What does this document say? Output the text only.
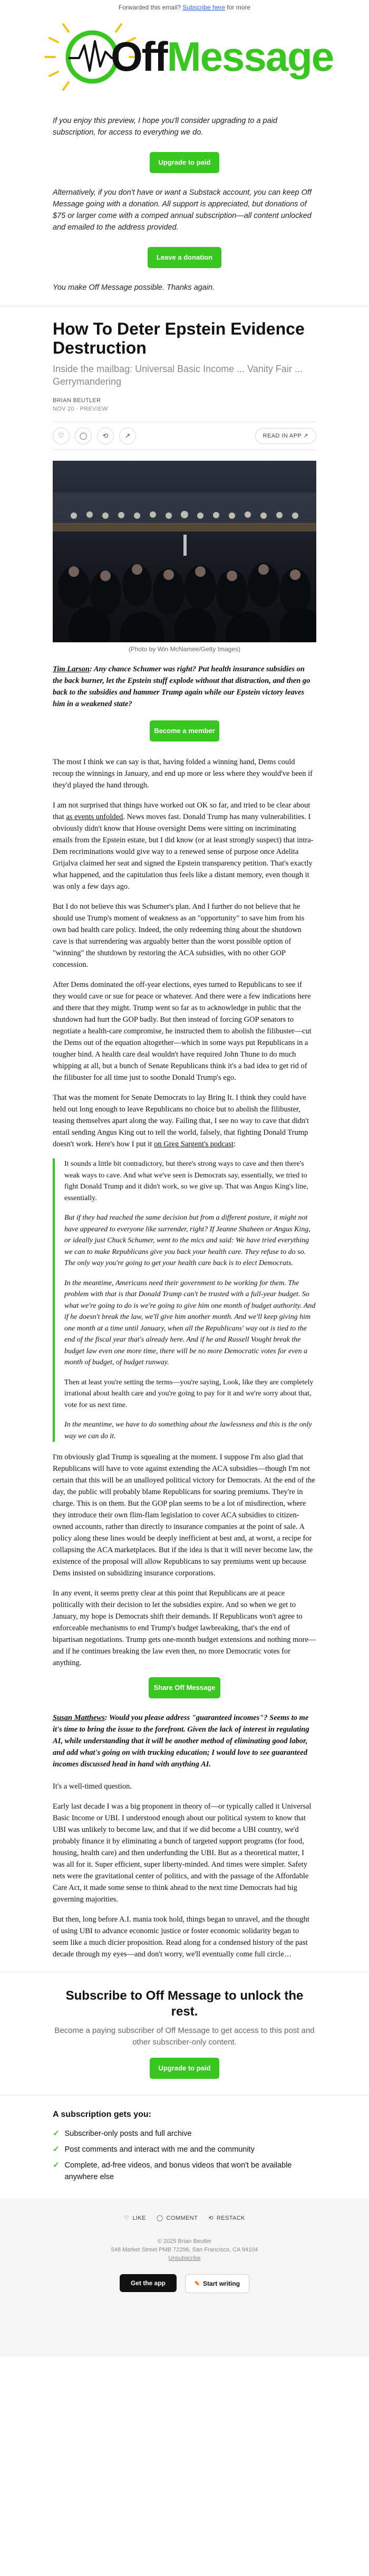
Forwarded this email? Subscribe here for more
OffMessage

If you enjoy this preview, I hope you'll consider upgrading to a paid subscription, for access to everything we do.

Upgrade to paid

Alternatively, if you don't have or want a Substack account, you can keep Off Message going with a donation. All support is appreciated, but donations of $75 or larger come with a comped annual subscription—all content unlocked and emailed to the address provided.

Leave a donation

You make Off Message possible. Thanks again.

How To Deter Epstein Evidence Destruction
Inside the mailbag: Universal Basic Income ... Vanity Fair ... Gerrymandering
BRIAN BEUTLER
NOV 20 · PREVIEW
♡	◯	⟲	↗	READ IN APP ↗
(Photo by Win McNamee/Getty Images)

Tim Larson: Any chance Schumer was right? Put health insurance subsidies on the back burner, let the Epstein stuff explode without that distraction, and then go back to the subsidies and hammer Trump again while our Epstein victory leaves him in a weakened state?

Become a member

The most I think we can say is that, having folded a winning hand, Dems could recoup the winnings in January, and end up more or less where they would've been if they'd played the hand through.

I am not surprised that things have worked out OK so far, and tried to be clear about that as events unfolded. News moves fast. Donald Trump has many vulnerabilities. I obviously didn't know that House oversight Dems were sitting on incriminating emails from the Epstein estate, but I did know (or at least strongly suspect) that intra-Dem recriminations would give way to a renewed sense of purpose once Adelita Grijalva claimed her seat and signed the Epstein transparency petition. That's exactly what happened, and the capitulation thus feels like a distant memory, even though it was only a few days ago.

But I do not believe this was Schumer's plan. And I further do not believe that he should use Trump's moment of weakness as an "opportunity" to save him from his own bad health care policy. Indeed, the only redeeming thing about the shutdown cave is that surrendering was arguably better than the worst possible option of "winning" the shutdown by restoring the ACA subsidies, with no other GOP concession.

After Dems dominated the off-year elections, eyes turned to Republicans to see if they would cave or sue for peace or whatever. And there were a few indications here and there that they might. Trump went so far as to acknowledge in public that the shutdown had hurt the GOP badly. But then instead of forcing GOP senators to negotiate a health-care compromise, he instructed them to abolish the filibuster—cut the Dems out of the equation altogether—which in some ways put Republicans in a tougher bind. A health care deal wouldn't have required John Thune to do much whipping at all, but a bunch of Senate Republicans think it's a bad idea to get rid of the filibuster for all time just to soothe Donald Trump's ego.

That was the moment for Senate Democrats to lay Bring It. I think they could have held out long enough to leave Republicans no choice but to abolish the filibuster, teasing themselves apart along the way. Failing that, I see no way to cave that didn't entail sending Angus King out to tell the world, falsely, that fighting Donald Trump doesn't work. Here's how I put it on Greg Sargent's podcast:

It sounds a little bit contradictory, but there's strong ways to cave and then there's weak ways to cave. And what we've seen is Democrats say, essentially, we tried to fight Donald Trump and it didn't work, so we give up. That was Angus King's line, essentially.

But if they had reached the same decision but from a different posture, it might not have appeared to everyone like surrender, right? If Jeanne Shaheen or Angus King, or ideally just Chuck Schumer, went to the mics and said: We have tried everything we can to make Republicans give you back your health care. They refuse to do so. The only way you're going to get your health care back is to elect Democrats.

In the meantime, Americans need their government to be working for them. The problem with that is that Donald Trump can't be trusted with a full-year budget. So what we're going to do is we're going to give him one month of budget authority. And if he doesn't break the law, we'll give him another month. And we'll keep giving him one month at a time until January, when all the Republicans' way out is tied to the end of the fiscal year that's already here. And if he and Russell Vought break the budget law even one more time, there will be no more Democratic votes for even a month of budget, of budget runway.

Then at least you're setting the terms—you're saying, Look, like they are completely irrational about health care and you're going to pay for it and we're sorry about that, vote for us next time.

In the meantime, we have to do something about the lawlessness and this is the only way we can do it.

I'm obviously glad Trump is squealing at the moment. I suppose I'm also glad that Republicans will have to vote against extending the ACA subsidies—though I'm not certain that this will be an unalloyed political victory for Democrats. At the end of the day, the public will probably blame Republicans for soaring premiums. They're in charge. This is on them. But the GOP plan seems to be a lot of misdirection, where they introduce their own flim-flam legislation to cover ACA subsidies to citizen-owned accounts, rather than directly to insurance companies at the point of sale. A policy along these lines would be deeply inefficient at best and, at worst, a recipe for collapsing the ACA marketplaces. But if the idea is that it will never become law, the existence of the proposal will allow Republicans to say premiums went up because Dems insisted on subsidizing insurance corporations.

In any event, it seems pretty clear at this point that Republicans are at peace politically with their decision to let the subsidies expire. And so when we get to January, my hope is Democrats shift their demands. If Republicans won't agree to enforceable mechanisms to end Trump's budget lawbreaking, that's the end of bipartisan negotiations. Trump gets one-month budget extensions and nothing more—and if he continues breaking the law even then, no more Democratic votes for anything.

Share Off Message

Susan Matthews: Would you please address "guaranteed incomes"? Seems to me it's time to bring the issue to the forefront. Given the lack of interest in regulating AI, while understanding that it will be another method of eliminating good labor, and add what's going on with trucking education; I would love to see guaranteed incomes discussed head in hand with anything AI.

It's a well-timed question.

Early last decade I was a big proponent in theory of—or typically called it Universal Basic Income or UBI. I understood enough about our political system to know that UBI was unlikely to become law, and that if we did become a UBI country, we'd probably finance it by eliminating a bunch of targeted support programs (for food, housing, health care) and then underfunding the UBI. But as a theoretical matter, I was all for it. Super efficient, super liberty-minded. And times were simpler. Safety nets were the gravitational center of politics, and with the passage of the Affordable Care Act, it made some sense to think ahead to the next time Democrats had big governing majorities.

But then, long before A.I. mania took hold, things began to unravel, and the thought of using UBI to advance economic justice or foster economic solidarity began to seem like a much dicier proposition. Read along for a condensed history of the past decade through my eyes—and don't worry, we'll eventually come full circle…

Subscribe to Off Message to unlock the rest.
Become a paying subscriber of Off Message to get access to this post and other subscriber-only content.
Upgrade to paid
A subscription gets you:
✓ Subscriber-only posts and full archive
✓ Post comments and interact with me and the community
✓ Complete, ad-free videos, and bonus videos that won't be available anywhere else
♡ LIKE ◯ COMMENT ⟲ RESTACK
© 2025 Brian Beutler
548 Market Street PMB 72296, San Francisco, CA 94104
Unsubscribe
Get the app	✎ Start writing
